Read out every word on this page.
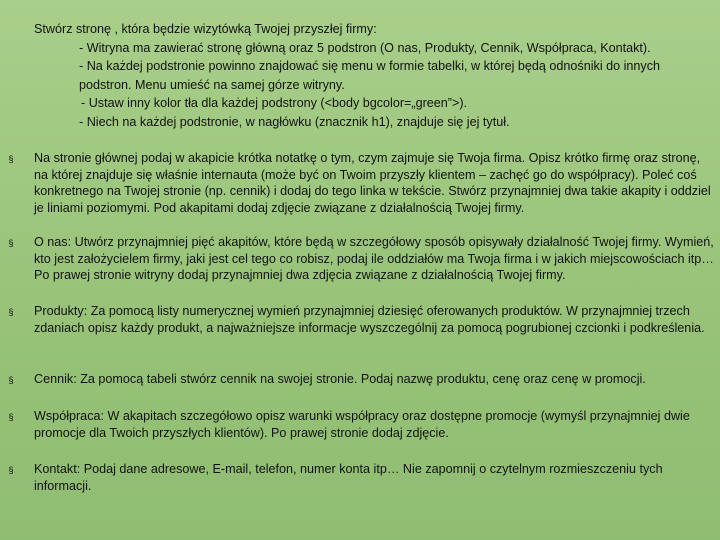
Stwórz stronę , która będzie wizytówką Twojej przyszłej firmy:
- Witryna ma zawierać stronę główną oraz 5 podstron (O nas, Produkty, Cennik, Współpraca, Kontakt).
- Na każdej podstronie powinno znajdować się menu w formie tabelki, w której będą odnośniki do innych podstron. Menu umieść na samej górze witryny.
- Ustaw inny kolor tła dla każdej podstrony (<body bgcolor=„green”>).
- Niech na każdej podstronie, w nagłówku (znacznik h1), znajduje się jej tytuł.
§ Na stronie głównej podaj w akapicie krótka notatkę o tym, czym zajmuje się Twoja firma. Opisz krótko firmę oraz stronę, na której znajduje się właśnie internauta (może być on Twoim przyszły klientem – zachęć go do współpracy). Poleć coś konkretnego na Twojej stronie (np. cennik) i dodaj do tego linka w tekście. Stwórz przynajmniej dwa takie akapity i oddziel je liniami poziomymi. Pod akapitami dodaj zdjęcie związane z działalnością Twojej firmy.
§ O nas: Utwórz przynajmniej pięć akapitów, które będą w szczegółowy sposób opisywały działalność Twojej firmy. Wymień, kto jest założycielem firmy, jaki jest cel tego co robisz, podaj ile oddziałów ma Twoja firma i w jakich miejscowościach itp… Po prawej stronie witryny dodaj przynajmniej dwa zdjęcia związane z działalnością Twojej firmy.
§ Produkty: Za pomocą listy numerycznej wymień przynajmniej dziesięć oferowanych produktów. W przynajmniej trzech zdaniach opisz każdy produkt, a najważniejsze informacje wyszczególnij za pomocą pogrubionej czcionki i podkreślenia.
§ Cennik: Za pomocą tabeli stwórz cennik na swojej stronie. Podaj nazwę produktu, cenę oraz cenę w promocji.
§ Współpraca: W akapitach szczegółowo opisz warunki współpracy oraz dostępne promocje (wymyśl przynajmniej dwie promocje dla Twoich przyszłych klientów). Po prawej stronie dodaj zdjęcie.
§ Kontakt: Podaj dane adresowe, E-mail, telefon, numer konta itp… Nie zapomnij o czytelnym rozmieszczeniu tych informacji.
